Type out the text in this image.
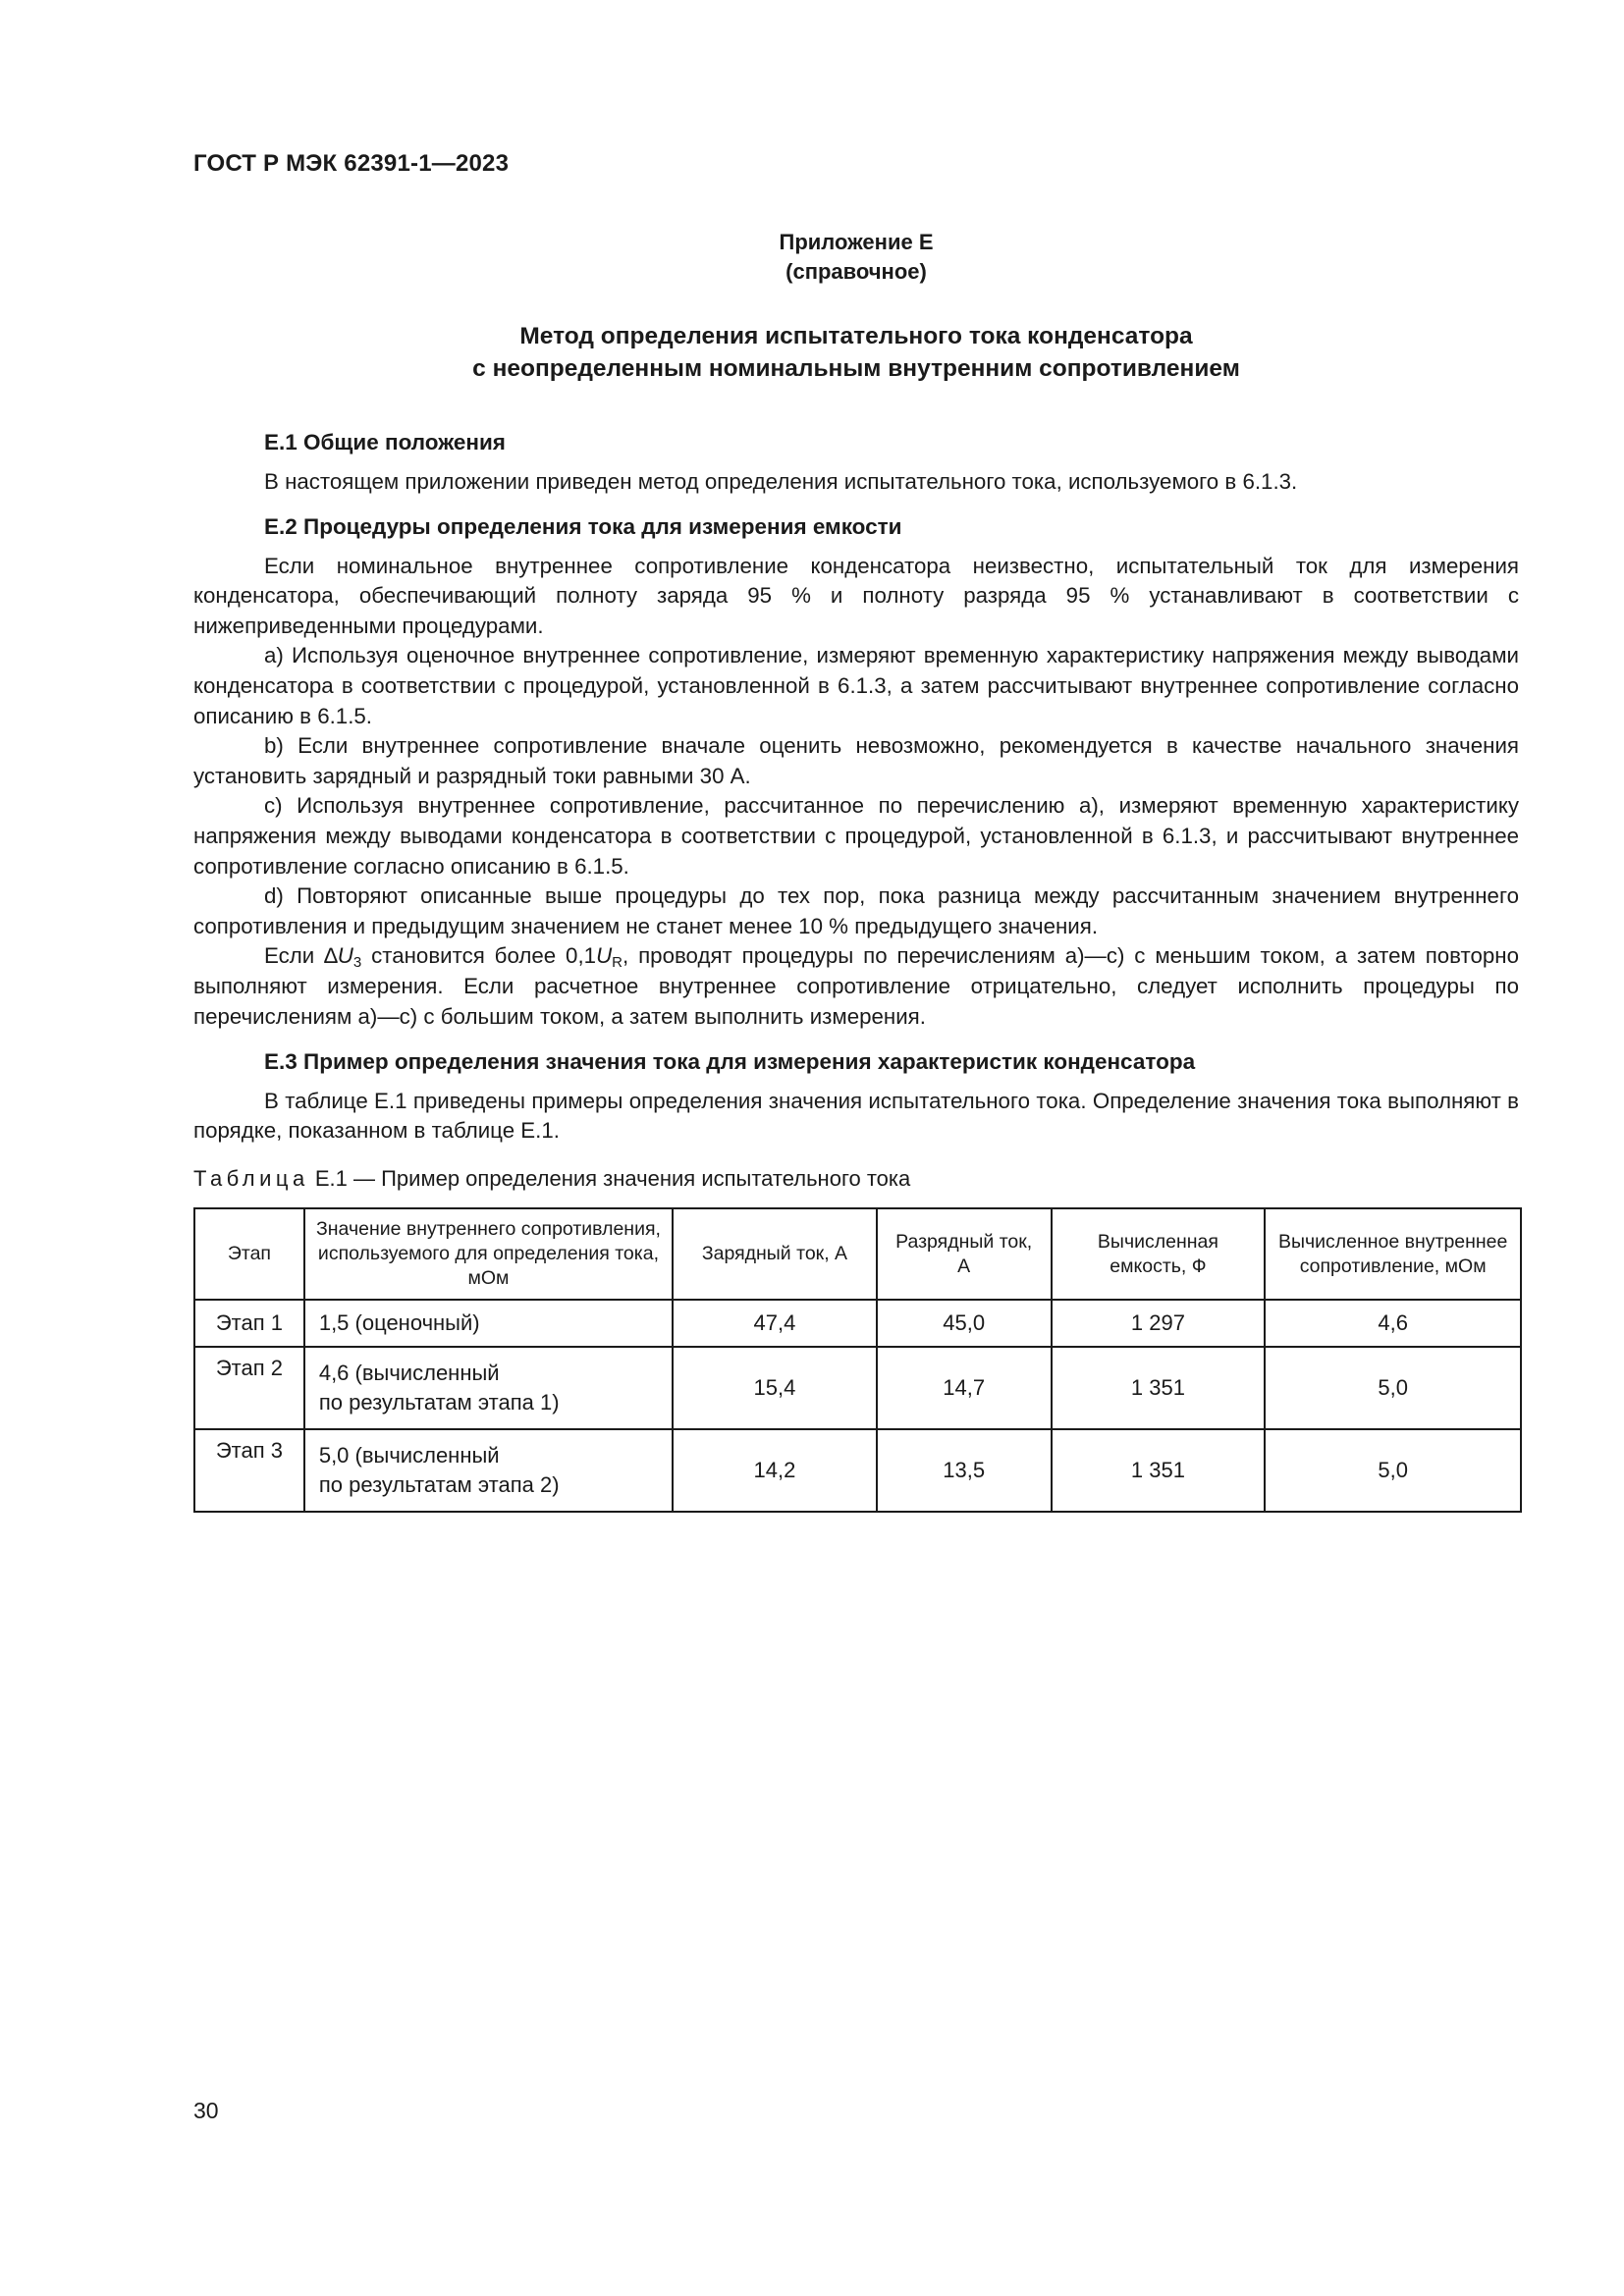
ГОСТ Р МЭК 62391-1—2023
Приложение Е
(справочное)
Метод определения испытательного тока конденсатора
с неопределенным номинальным внутренним сопротивлением

Е.1 Общие положения

В настоящем приложении приведен метод определения испытательного тока, используемого в 6.1.3.

Е.2 Процедуры определения тока для измерения емкости

Если номинальное внутреннее сопротивление конденсатора неизвестно, испытательный ток для измерения конденсатора, обеспечивающий полноту заряда 95 % и полноту разряда 95 % устанавливают в соответствии с нижеприведенными процедурами.

a) Используя оценочное внутреннее сопротивление, измеряют временную характеристику напряжения между выводами конденсатора в соответствии с процедурой, установленной в 6.1.3, а затем рассчитывают внутреннее сопротивление согласно описанию в 6.1.5.

b) Если внутреннее сопротивление вначале оценить невозможно, рекомендуется в качестве начального значения установить зарядный и разрядный токи равными 30 А.

c) Используя внутреннее сопротивление, рассчитанное по перечислению a), измеряют временную характеристику напряжения между выводами конденсатора в соответствии с процедурой, установленной в 6.1.3, и рассчитывают внутреннее сопротивление согласно описанию в 6.1.5.

d) Повторяют описанные выше процедуры до тех пор, пока разница между рассчитанным значением внутреннего сопротивления и предыдущим значением не станет менее 10 % предыдущего значения.

Если $\Delta U_3$ становится более $0,1U_R$, проводят процедуры по перечислениям a)—c) с меньшим током, а затем повторно выполняют измерения. Если расчетное внутреннее сопротивление отрицательно, следует исполнить процедуры по перечислениям a)—c) с большим током, а затем выполнить измерения.

Е.3 Пример определения значения тока для измерения характеристик конденсатора

В таблице Е.1 приведены примеры определения значения испытательного тока. Определение значения тока выполняют в порядке, показанном в таблице Е.1.

Таблица Е.1 — Пример определения значения испытательного тока
Этап	Значение внутреннего сопротивления, используемого для определения тока, мОм	Зарядный ток, А	Разрядный ток, А	Вычисленная емкость, Ф	Вычисленное внутреннее сопротивление, мОм
Этап 1	1,5 (оценочный)	47,4	45,0	1 297	4,6
Этап 2	4,6 (вычисленный
по результатам этапа 1)	15,4	14,7	1 351	5,0
Этап 3	5,0 (вычисленный
по результатам этапа 2)	14,2	13,5	1 351	5,0
30
